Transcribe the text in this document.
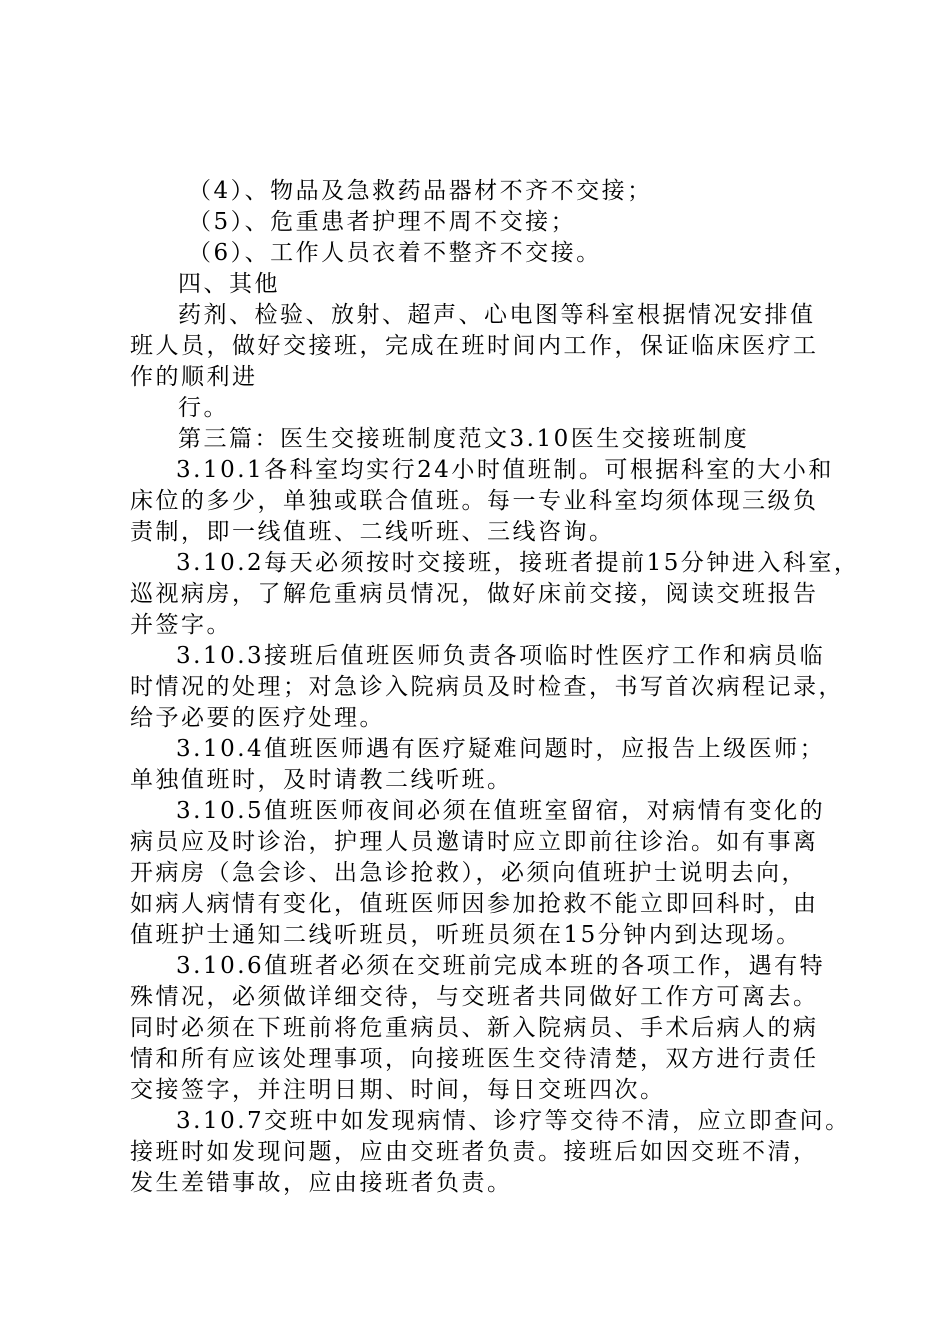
（4）、物品及急救药品器材不齐不交接；
（5）、危重患者护理不周不交接；
（6）、工作人员衣着不整齐不交接。
四、其他
药剂、检验、放射、超声、心电图等科室根据情况安排值
班人员，做好交接班，完成在班时间内工作，保证临床医疗工
作的顺利进
行。
第三篇：医生交接班制度范文3.10医生交接班制度
3.10.1各科室均实行24小时值班制。可根据科室的大小和
床位的多少，单独或联合值班。每一专业科室均须体现三级负
责制，即一线值班、二线听班、三线咨询。
3.10.2每天必须按时交接班，接班者提前15分钟进入科室，
巡视病房，了解危重病员情况，做好床前交接，阅读交班报告
并签字。
3.10.3接班后值班医师负责各项临时性医疗工作和病员临
时情况的处理；对急诊入院病员及时检查，书写首次病程记录，
给予必要的医疗处理。
3.10.4值班医师遇有医疗疑难问题时，应报告上级医师；
单独值班时，及时请教二线听班。
3.10.5值班医师夜间必须在值班室留宿，对病情有变化的
病员应及时诊治，护理人员邀请时应立即前往诊治。如有事离
开病房（急会诊、出急诊抢救），必须向值班护士说明去向，
如病人病情有变化，值班医师因参加抢救不能立即回科时，由
值班护士通知二线听班员，听班员须在15分钟内到达现场。
3.10.6值班者必须在交班前完成本班的各项工作，遇有特
殊情况，必须做详细交待，与交班者共同做好工作方可离去。
同时必须在下班前将危重病员、新入院病员、手术后病人的病
情和所有应该处理事项，向接班医生交待清楚，双方进行责任
交接签字，并注明日期、时间，每日交班四次。
3.10.7交班中如发现病情、诊疗等交待不清，应立即查问。
接班时如发现问题，应由交班者负责。接班后如因交班不清，
发生差错事故，应由接班者负责。
